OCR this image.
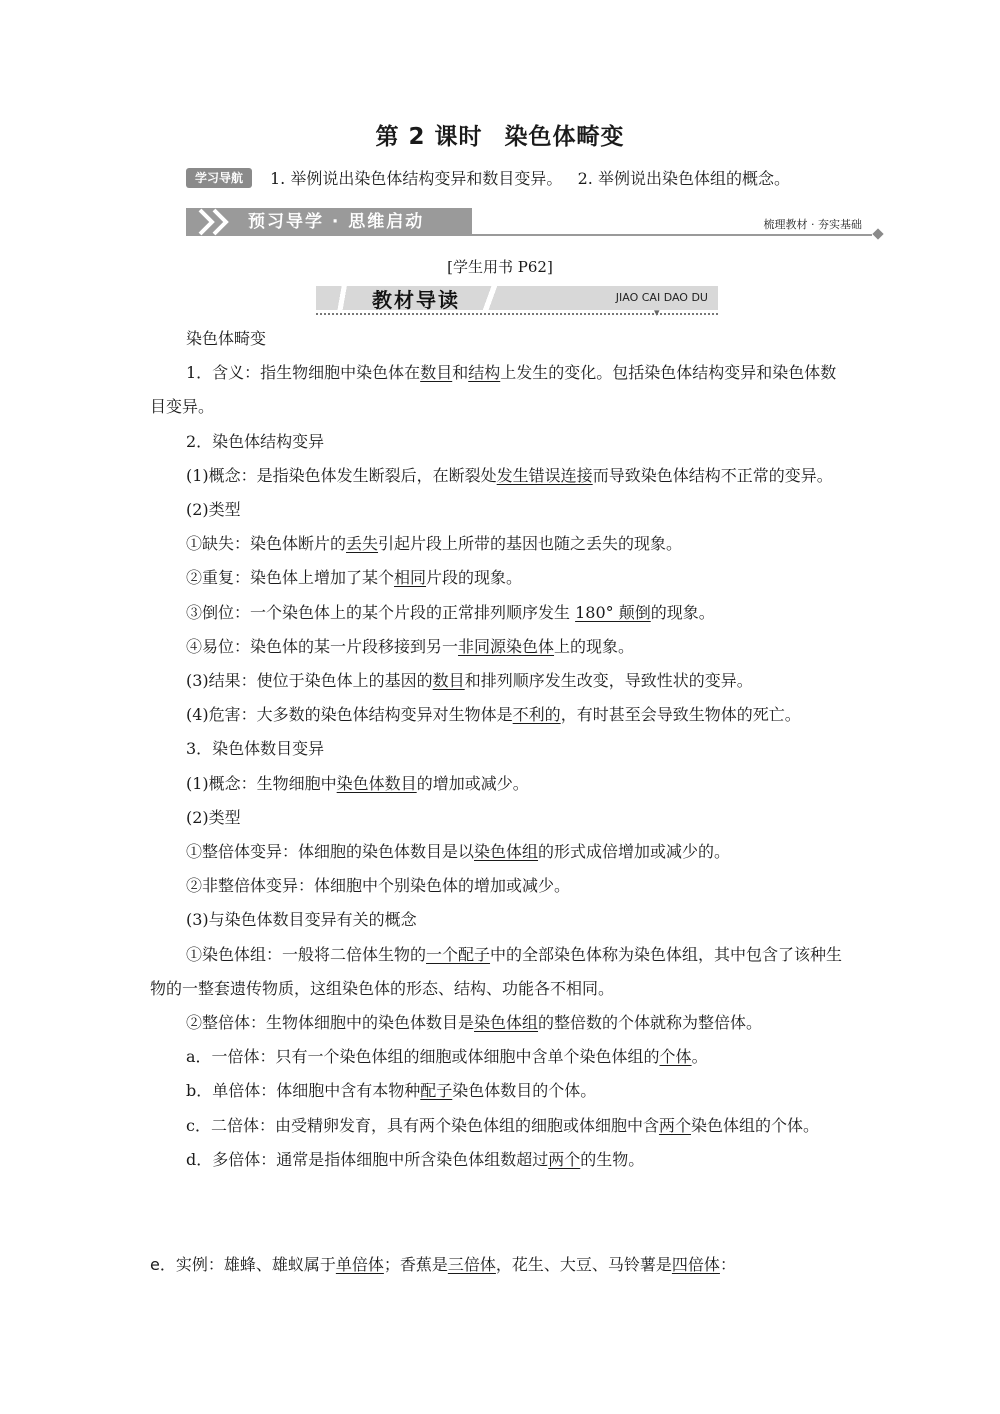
第 2 课时 染色体畸变
学习导航	1. 举例说出染色体结构变异和数目变异。   2. 举例说出染色体组的概念。
预习导学 · 思维启动	梳理教材 · 夯实基础
[学生用书 P62]
教材导读	JIAO CAI DAO DU
▾

染色体畸变

1．含义：指生物细胞中染色体在数目和结构上发生的变化。包括染色体结构变异和染色体数目变异。

2．染色体结构变异

(1)概念：是指染色体发生断裂后，在断裂处发生错误连接而导致染色体结构不正常的变异。

(2)类型

①缺失：染色体断片的丢失引起片段上所带的基因也随之丢失的现象。

②重复：染色体上增加了某个相同片段的现象。

③倒位：一个染色体上的某个片段的正常排列顺序发生 180° 颠倒的现象。

④易位：染色体的某一片段移接到另一非同源染色体上的现象。

(3)结果：使位于染色体上的基因的数目和排列顺序发生改变，导致性状的变异。

(4)危害：大多数的染色体结构变异对生物体是不利的，有时甚至会导致生物体的死亡。

3．染色体数目变异

(1)概念：生物细胞中染色体数目的增加或减少。

(2)类型

①整倍体变异：体细胞的染色体数目是以染色体组的形式成倍增加或减少的。

②非整倍体变异：体细胞中个别染色体的增加或减少。

(3)与染色体数目变异有关的概念

①染色体组：一般将二倍体生物的一个配子中的全部染色体称为染色体组，其中包含了该种生物的一整套遗传物质，这组染色体的形态、结构、功能各不相同。

②整倍体：生物体细胞中的染色体数目是染色体组的整倍数的个体就称为整倍体。

a．一倍体：只有一个染色体组的细胞或体细胞中含单个染色体组的个体。

b．单倍体：体细胞中含有本物种配子染色体数目的个体。

c．二倍体：由受精卵发育，具有两个染色体组的细胞或体细胞中含两个染色体组的个体。

d．多倍体：通常是指体细胞中所含染色体组数超过两个的生物。

e．实例：雄蜂、雄蚁属于单倍体；香蕉是三倍体，花生、大豆、马铃薯是四倍体：
